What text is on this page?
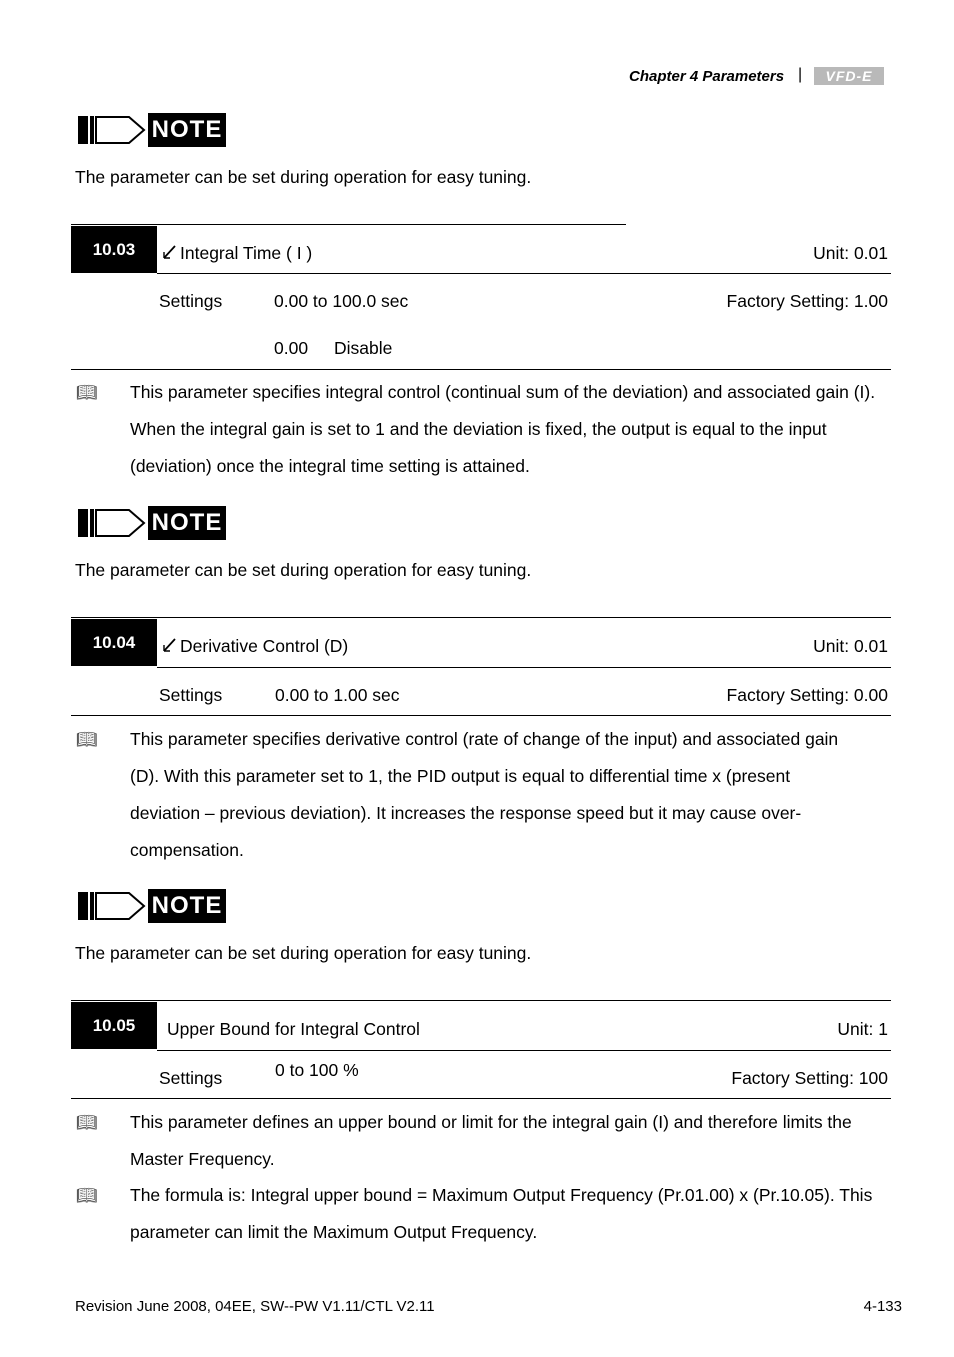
Chapter 4 Parameters |	VFD-E
NOTE
The parameter can be set during operation for easy tuning.
10.03	Integral Time ( I )	Unit: 0.01
Settings	0.00 to 100.0 sec	Factory Setting: 1.00
0.00 Disable
📖︎ This parameter specifies integral control (continual sum of the deviation) and associated gain (I). When the integral gain is set to 1 and the deviation is fixed, the output is equal to the input (deviation) once the integral time setting is attained.
NOTE
The parameter can be set during operation for easy tuning.
10.04	Derivative Control (D)	Unit: 0.01
Settings	0.00 to 1.00 sec	Factory Setting: 0.00
📖︎ This parameter specifies derivative control (rate of change of the input) and associated gain (D). With this parameter set to 1, the PID output is equal to differential time x (present deviation – previous deviation). It increases the response speed but it may cause over-compensation.
NOTE
The parameter can be set during operation for easy tuning.
10.05	Upper Bound for Integral Control	Unit: 1
Settings	0 to 100 %	Factory Setting: 100
📖︎ This parameter defines an upper bound or limit for the integral gain (I) and therefore limits the Master Frequency.
📖︎ The formula is: Integral upper bound = Maximum Output Frequency (Pr.01.00) x (Pr.10.05). This parameter can limit the Maximum Output Frequency.
Revision June 2008, 04EE, SW--PW V1.11/CTL V2.11	4-133
